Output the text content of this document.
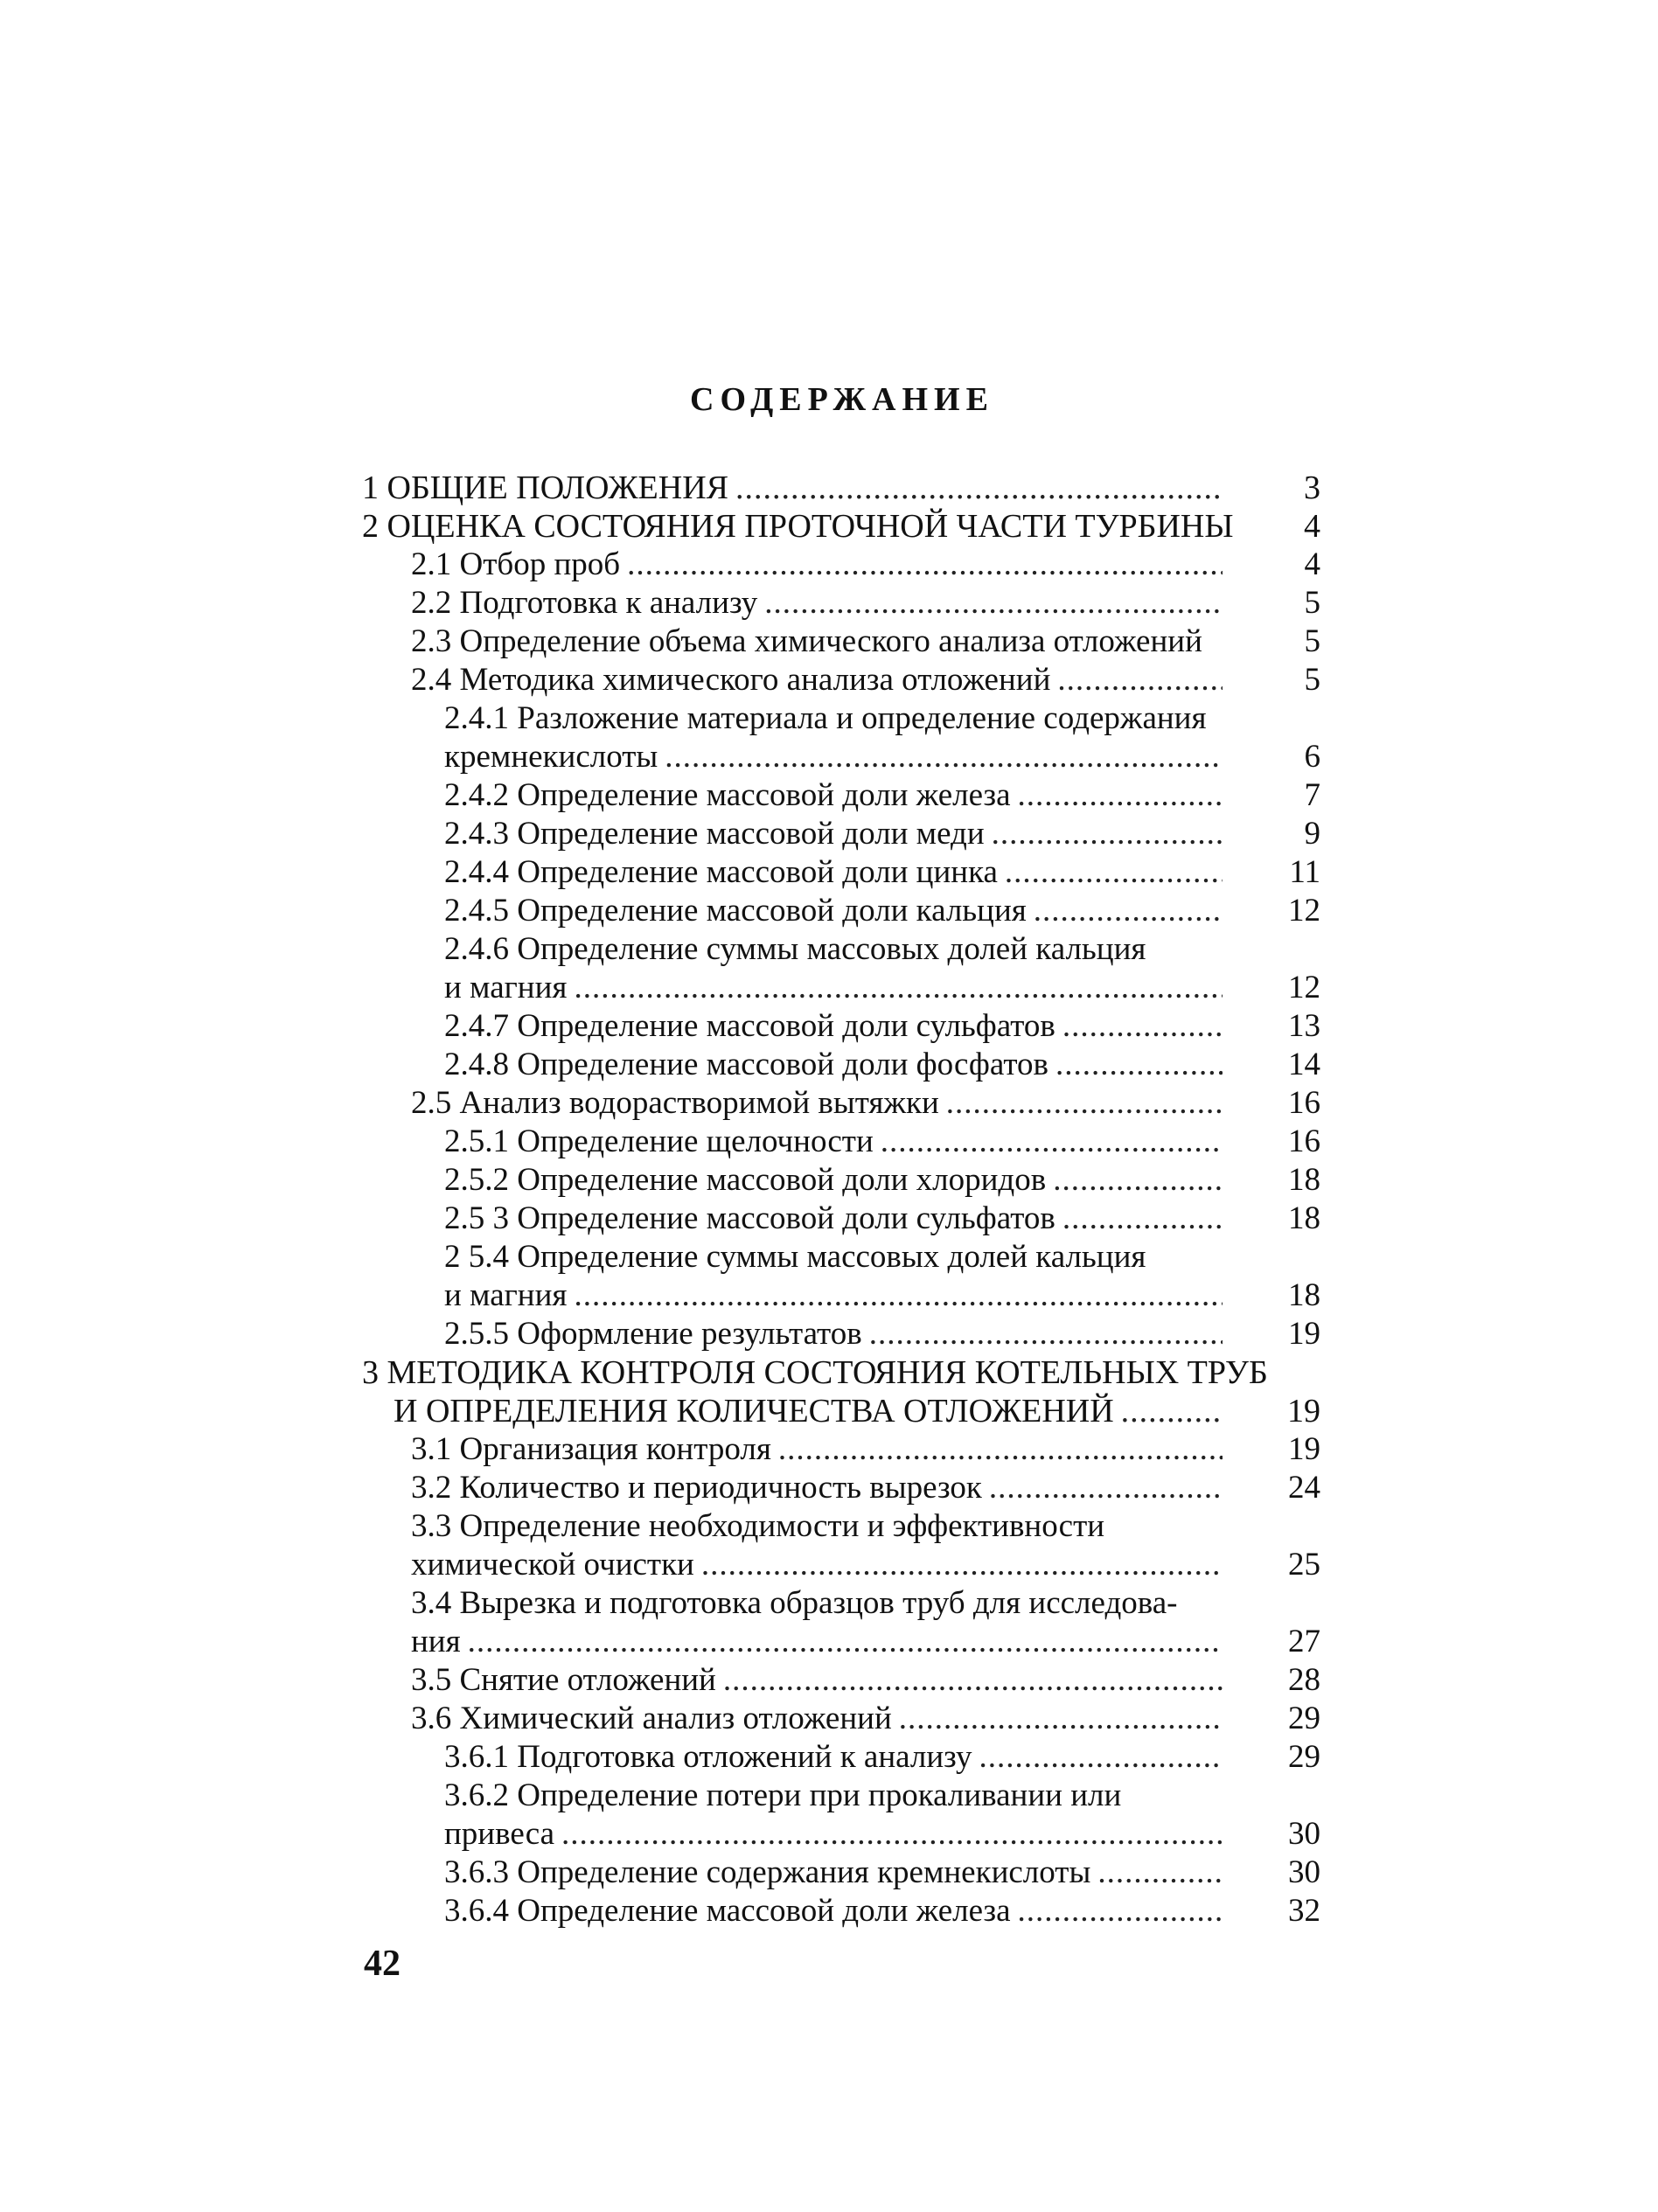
СОДЕРЖАНИЕ
1 ОБЩИЕ ПОЛОЖЕНИЯ .....	3
2 ОЦЕНКА СОСТОЯНИЯ ПРОТОЧНОЙ ЧАСТИ ТУРБИНЫ 4
2.1 Отбор проб .....	4
2.2 Подготовка к анализу .....	5
2.3 Определение объема химического анализа отложений	5
2.4 Методика химического анализа отложений .....	5
2.4.1 Разложение материала и определение содержания
кремнекислоты .....	6
2.4.2 Определение массовой доли железа .....	7
2.4.3 Определение массовой доли меди .....	9
2.4.4 Определение массовой доли цинка .....	11
2.4.5 Определение массовой доли кальция .....	12
2.4.6 Определение суммы массовых долей кальция
и магния .....	12
2.4.7 Определение массовой доли сульфатов .....	13
2.4.8 Определение массовой доли фосфатов .....	14
2.5 Анализ водорастворимой вытяжки .....	16
2.5.1 Определение щелочности .....	16
2.5.2 Определение массовой доли хлоридов .....	18
2.5 3 Определение массовой доли сульфатов .....	18
2 5.4 Определение суммы массовых долей кальция
и магния .....	18
2.5.5 Оформление результатов .....	19
3 МЕТОДИКА КОНТРОЛЯ СОСТОЯНИЯ КОТЕЛЬНЫХ ТРУБ
И ОПРЕДЕЛЕНИЯ КОЛИЧЕСТВА ОТЛОЖЕНИЙ .....	19
3.1 Организация контроля .....	19
3.2 Количество и периодичность вырезок .....	24
3.3 Определение необходимости и эффективности
химической очистки .....	25
3.4 Вырезка и подготовка образцов труб для исследова-
ния .....	27
3.5 Снятие отложений .....	28
3.6 Химический анализ отложений .....	29
3.6.1 Подготовка отложений к анализу .....	29
3.6.2 Определение потери при прокаливании или
привеса .....	30
3.6.3 Определение содержания кремнекислоты .....	30
3.6.4 Определение массовой доли железа .....	32
42
